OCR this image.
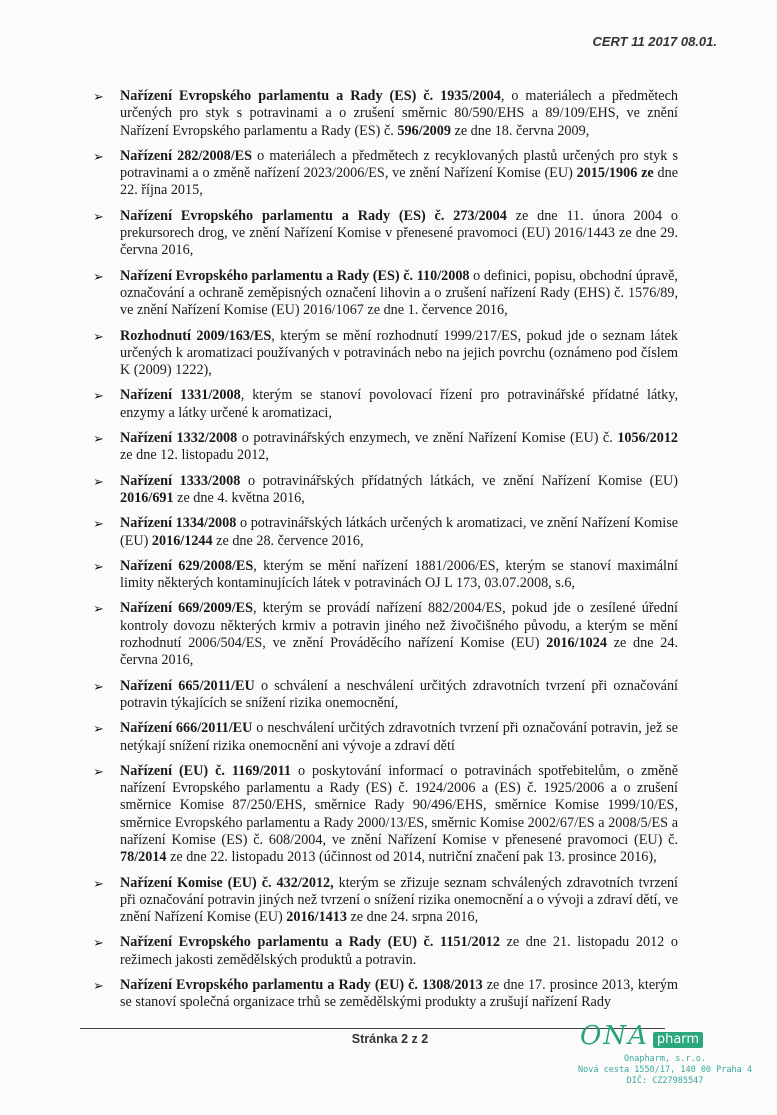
CERT 11 2017 08.01.
➢ Nařízení Evropského parlamentu a Rady (ES) č. 1935/2004, o materiálech a předmětech určených pro styk s potravinami a o zrušení směrnic 80/590/EHS a 89/109/EHS, ve znění Nařízení Evropského parlamentu a Rady (ES) č. 596/2009 ze dne 18. června 2009,
➢ Nařízení 282/2008/ES o materiálech a předmětech z recyklovaných plastů určených pro styk s potravinami a o změně nařízení 2023/2006/ES, ve znění Nařízení Komise (EU) 2015/1906 ze dne 22. října 2015,
➢ Nařízení Evropského parlamentu a Rady (ES) č. 273/2004 ze dne 11. února 2004 o prekursorech drog, ve znění Nařízení Komise v přenesené pravomoci (EU) 2016/1443 ze dne 29. června 2016,
➢ Nařízení Evropského parlamentu a Rady (ES) č. 110/2008 o definici, popisu, obchodní úpravě, označování a ochraně zeměpisných označení lihovin a o zrušení nařízení Rady (EHS) č. 1576/89, ve znění Nařízení Komise (EU) 2016/1067 ze dne 1. července 2016,
➢ Rozhodnutí 2009/163/ES, kterým se mění rozhodnutí 1999/217/ES, pokud jde o seznam látek určených k aromatizaci používaných v potravinách nebo na jejich povrchu (oznámeno pod číslem K (2009) 1222),
➢ Nařízení 1331/2008, kterým se stanoví povolovací řízení pro potravinářské přídatné látky, enzymy a látky určené k aromatizaci,
➢ Nařízení 1332/2008 o potravinářských enzymech, ve znění Nařízení Komise (EU) č. 1056/2012 ze dne 12. listopadu 2012,
➢ Nařízení 1333/2008 o potravinářských přídatných látkách, ve znění Nařízení Komise (EU) 2016/691 ze dne 4. května 2016,
➢ Nařízení 1334/2008 o potravinářských látkách určených k aromatizaci, ve znění Nařízení Komise (EU) 2016/1244 ze dne 28. července 2016,
➢ Nařízení 629/2008/ES, kterým se mění nařízení 1881/2006/ES, kterým se stanoví maximální limity některých kontaminujících látek v potravinách OJ L 173, 03.07.2008, s.6,
➢ Nařízení 669/2009/ES, kterým se provádí nařízení 882/2004/ES, pokud jde o zesílené úřední kontroly dovozu některých krmiv a potravin jiného než živočišného původu, a kterým se mění rozhodnutí 2006/504/ES, ve znění Prováděcího nařízení Komise (EU) 2016/1024 ze dne 24. června 2016,
➢ Nařízení 665/2011/EU o schválení a neschválení určitých zdravotních tvrzení při označování potravin týkajících se snížení rizika onemocnění,
➢ Nařízení 666/2011/EU o neschválení určitých zdravotních tvrzení při označování potravin, jež se netýkají snížení rizika onemocnění ani vývoje a zdraví dětí
➢ Nařízení (EU) č. 1169/2011 o poskytování informací o potravinách spotřebitelům, o změně nařízení Evropského parlamentu a Rady (ES) č. 1924/2006 a (ES) č. 1925/2006 a o zrušení směrnice Komise 87/250/EHS, směrnice Rady 90/496/EHS, směrnice Komise 1999/10/ES, směrnice Evropského parlamentu a Rady 2000/13/ES, směrnic Komise 2002/67/ES a 2008/5/ES a nařízení Komise (ES) č. 608/2004, ve znění Nařízení Komise v přenesené pravomoci (EU) č. 78/2014 ze dne 22. listopadu 2013 (účinnost od 2014, nutriční značení pak 13. prosince 2016),
➢ Nařízení Komise (EU) č. 432/2012, kterým se zřizuje seznam schválených zdravotních tvrzení při označování potravin jiných než tvrzení o snížení rizika onemocnění a o vývoji a zdraví dětí, ve znění Nařízení Komise (EU) 2016/1413 ze dne 24. srpna 2016,
➢ Nařízení Evropského parlamentu a Rady (EU) č. 1151/2012 ze dne 21. listopadu 2012 o režimech jakosti zemědělských produktů a potravin.
➢ Nařízení Evropského parlamentu a Rady (EU) č. 1308/2013 ze dne 17. prosince 2013, kterým se stanoví společná organizace trhů se zemědělskými produkty a zrušují nařízení Rady
Stránka 2 z 2	ONA pharm
Onapharm, s.r.o.
Nová cesta 1550/17, 140 00 Praha 4
DIČ: CZ27985547
